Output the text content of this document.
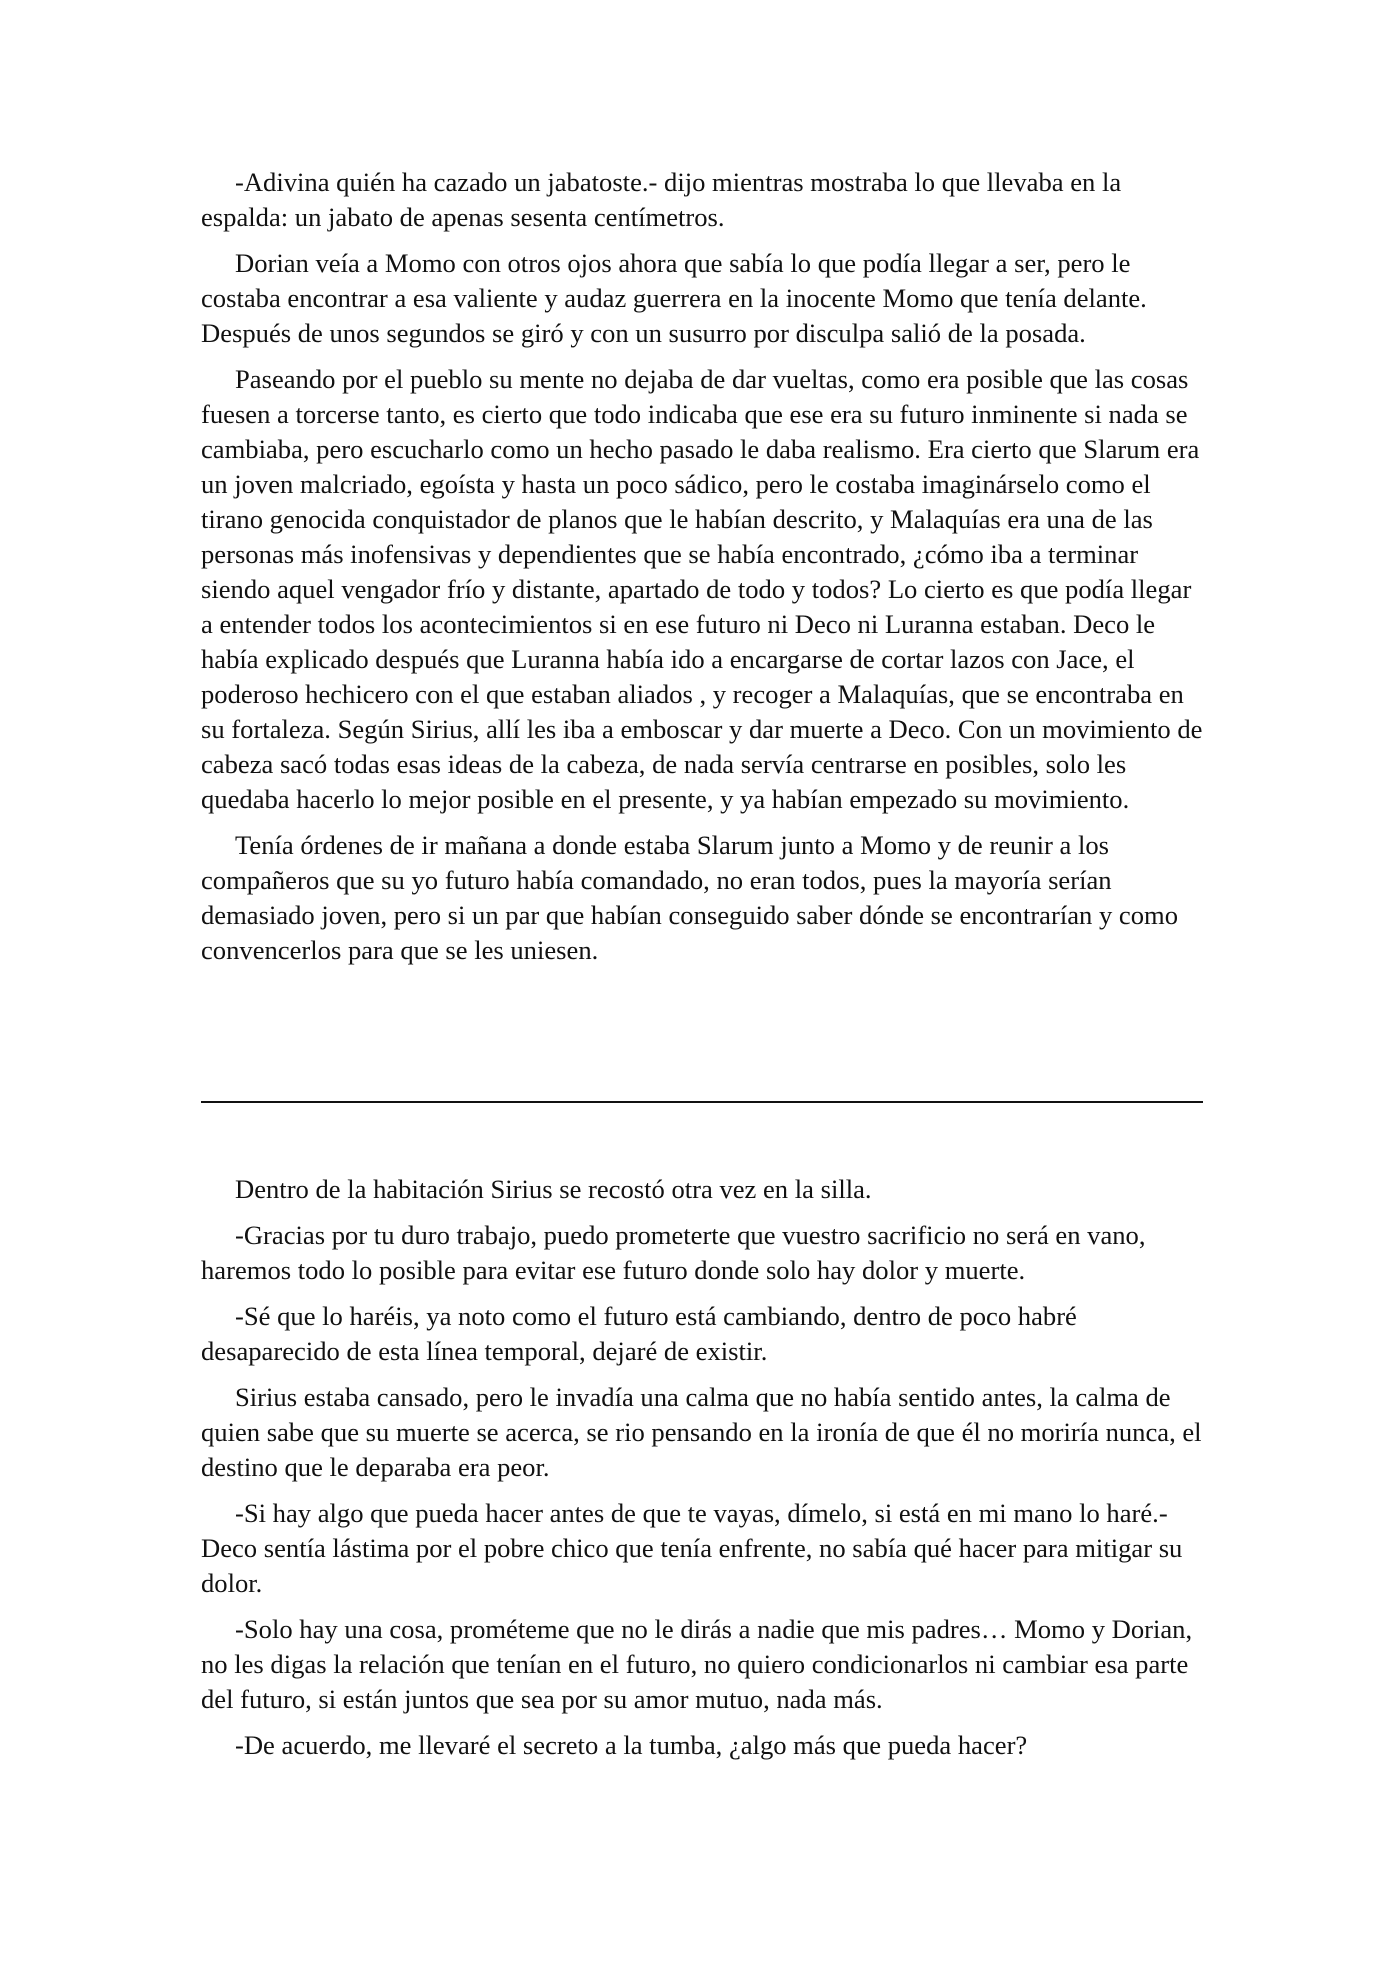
-Adivina quién ha cazado un jabatoste.- dijo mientras mostraba lo que llevaba en la espalda: un jabato de apenas sesenta centímetros.

Dorian veía a Momo con otros ojos ahora que sabía lo que podía llegar a ser, pero le costaba encontrar a esa valiente y audaz guerrera en la inocente Momo que tenía delante. Después de unos segundos se giró y con un susurro por disculpa salió de la posada.

Paseando por el pueblo su mente no dejaba de dar vueltas, como era posible que las cosas fuesen a torcerse tanto, es cierto que todo indicaba que ese era su futuro inminente si nada se cambiaba, pero escucharlo como un hecho pasado le daba realismo. Era cierto que Slarum era un joven malcriado, egoísta y hasta un poco sádico, pero le costaba imaginárselo como el tirano genocida conquistador de planos que le habían descrito, y Malaquías era una de las personas más inofensivas y dependientes que se había encontrado, ¿cómo iba a terminar siendo aquel vengador frío y distante, apartado de todo y todos? Lo cierto es que podía llegar a entender todos los acontecimientos si en ese futuro ni Deco ni Luranna estaban. Deco le había explicado después que Luranna había ido a encargarse de cortar lazos con Jace, el poderoso hechicero con el que estaban aliados , y recoger a Malaquías, que se encontraba en su fortaleza. Según Sirius, allí les iba a emboscar y dar muerte a Deco. Con un movimiento de cabeza sacó todas esas ideas de la cabeza, de nada servía centrarse en posibles, solo les quedaba hacerlo lo mejor posible en el presente, y ya habían empezado su movimiento.

Tenía órdenes de ir mañana a donde estaba Slarum junto a Momo y de reunir a los compañeros que su yo futuro había comandado, no eran todos, pues la mayoría serían demasiado joven, pero si un par que habían conseguido saber dónde se encontrarían y como convencerlos para que se les uniesen.

Dentro de la habitación Sirius se recostó otra vez en la silla.

-Gracias por tu duro trabajo, puedo prometerte que vuestro sacrificio no será en vano, haremos todo lo posible para evitar ese futuro donde solo hay dolor y muerte.

-Sé que lo haréis, ya noto como el futuro está cambiando, dentro de poco habré desaparecido de esta línea temporal, dejaré de existir.

Sirius estaba cansado, pero le invadía una calma que no había sentido antes, la calma de quien sabe que su muerte se acerca, se rio pensando en la ironía de que él no moriría nunca, el destino que le deparaba era peor.

-Si hay algo que pueda hacer antes de que te vayas, dímelo, si está en mi mano lo haré.- Deco sentía lástima por el pobre chico que tenía enfrente, no sabía qué hacer para mitigar su dolor.

-Solo hay una cosa, prométeme que no le dirás a nadie que mis padres… Momo y Dorian, no les digas la relación que tenían en el futuro, no quiero condicionarlos ni cambiar esa parte del futuro, si están juntos que sea por su amor mutuo, nada más.

-De acuerdo, me llevaré el secreto a la tumba, ¿algo más que pueda hacer?
